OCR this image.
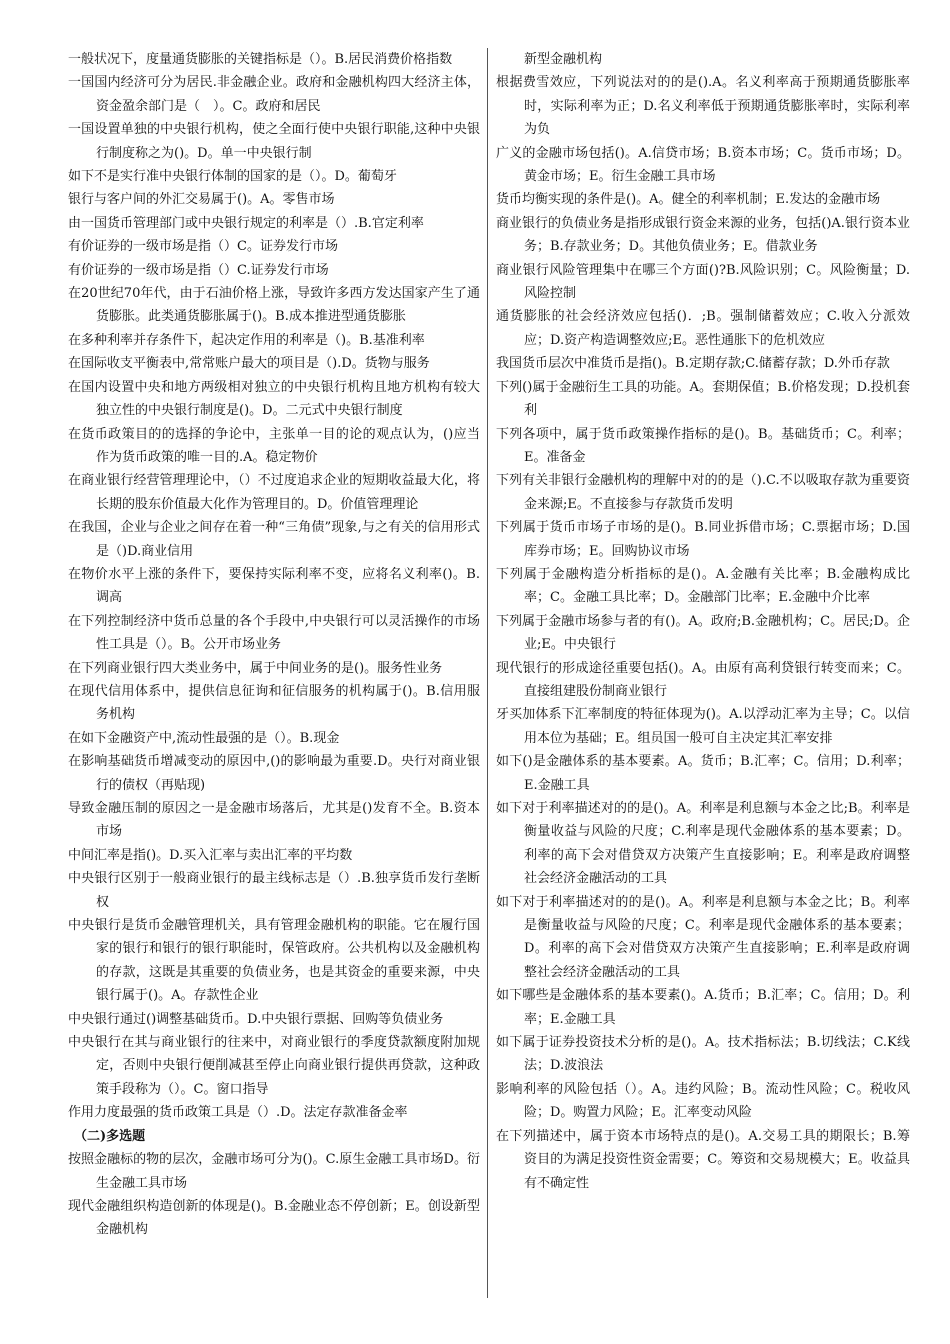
一般状况下，度量通货膨胀的关键指标是（）。B.居民消费价格指数

一国国内经济可分为居民.非金融企业。政府和金融机构四大经济主体，资金盈余部门是（　）。C。政府和居民

一国设置单独的中央银行机构，使之全面行使中央银行职能,这种中央银行制度称之为()。D。单一中央银行制

如下不是实行准中央银行体制的国家的是（）。D。葡萄牙

银行与客户间的外汇交易属于()。A。零售市场

由一国货币管理部门或中央银行规定的利率是（）.B.官定利率

有价证券的一级市场是指（）C。证券发行市场

有价证券的一级市场是指（）C.证券发行市场

在20世纪70年代，由于石油价格上涨，导致许多西方发达国家产生了通货膨胀。此类通货膨胀属于()。B.成本推进型通货膨胀

在多种利率并存条件下，起决定作用的利率是（)。B.基准利率

在国际收支平衡表中,常常账户最大的项目是（).D。货物与服务

在国内设置中央和地方两级相对独立的中央银行机构且地方机构有较大独立性的中央银行制度是()。D。二元式中央银行制度

在货币政策目的的选择的争论中，主张单一目的论的观点认为，()应当作为货币政策的唯一目的.A。稳定物价

在商业银行经营管理理论中，（）不过度追求企业的短期收益最大化，将长期的股东价值最大化作为管理目的。D。价值管理理论

在我国，企业与企业之间存在着一种“三角债”现象,与之有关的信用形式是（)D.商业信用

在物价水平上涨的条件下，要保持实际利率不变，应将名义利率()。B.调高

在下列控制经济中货币总量的各个手段中,中央银行可以灵活操作的市场性工具是（）。B。公开市场业务

在下列商业银行四大类业务中，属于中间业务的是()。服务性业务

在现代信用体系中，提供信息征询和征信服务的机构属于()。B.信用服务机构

在如下金融资产中,流动性最强的是（）。B.现金

在影响基础货币增减变动的原因中,()的影响最为重要.D。央行对商业银行的债权（再贴现)

导致金融压制的原因之一是金融市场落后，尤其是()发育不全。B.资本市场

中间汇率是指()。D.买入汇率与卖出汇率的平均数

中央银行区别于一般商业银行的最主线标志是（）.B.独享货币发行垄断权

中央银行是货币金融管理机关，具有管理金融机构的职能。它在履行国家的银行和银行的银行职能时，保管政府。公共机构以及金融机构的存款，这既是其重要的负债业务，也是其资金的重要来源，中央银行属于()。A。存款性企业

中央银行通过()调整基础货币。D.中央银行票据、回购等负债业务

中央银行在其与商业银行的往来中，对商业银行的季度贷款额度附加规定，否则中央银行便削减甚至停止向商业银行提供再贷款，这种政策手段称为（）。C。窗口指导

作用力度最强的货币政策工具是（）.D。法定存款准备金率

（二)多选题

按照金融标的物的层次，金融市场可分为()。C.原生金融工具市场D。衍生金融工具市场

现代金融组织构造创新的体现是()。B.金融业态不停创新；E。创设新型金融机构

新型金融机构

根据费雪效应，下列说法对的的是().A。名义利率高于预期通货膨胀率时，实际利率为正；D.名义利率低于预期通货膨胀率时，实际利率为负

广义的金融市场包括()。A.信贷市场；B.资本市场；C。货币市场；D。黄金市场；E。衍生金融工具市场

货币均衡实现的条件是()。A。健全的利率机制；E.发达的金融市场

商业银行的负债业务是指形成银行资金来源的业务，包括()A.银行资本业务；B.存款业务；D。其他负债业务；E。借款业务

商业银行风险管理集中在哪三个方面()?B.风险识别；C。风险衡量；D.风险控制

通货膨胀的社会经济效应包括()．;B。强制储蓄效应；C.收入分派效应；D.资产构造调整效应;E。恶性通胀下的危机效应

我国货币层次中准货币是指()。B.定期存款;C.储蓄存款；D.外币存款

下列()属于金融衍生工具的功能。A。套期保值；B.价格发现；D.投机套利

下列各项中，属于货币政策操作指标的是()。B。基础货币；C。利率；E。准备金

下列有关非银行金融机构的理解中对的的是（).C.不以吸取存款为重要资金来源;E。不直接参与存款货币发明

下列属于货币市场子市场的是()。B.同业拆借市场；C.票据市场；D.国库券市场；E。回购协议市场

下列属于金融构造分析指标的是()。A.金融有关比率；B.金融构成比率；C。金融工具比率；D。金融部门比率；E.金融中介比率

下列属于金融市场参与者的有()。A。政府;B.金融机构；C。居民;D。企业;E。中央银行

现代银行的形成途径重要包括()。A。由原有高利贷银行转变而来；C。直接组建股份制商业银行

牙买加体系下汇率制度的特征体现为()。A.以浮动汇率为主导；C。以信用本位为基础；E。组员国一般可自主决定其汇率安排

如下()是金融体系的基本要素。A。货币；B.汇率；C。信用；D.利率；E.金融工具

如下对于利率描述对的的是()。A。利率是利息额与本金之比;B。利率是衡量收益与风险的尺度；C.利率是现代金融体系的基本要素；D。利率的高下会对借贷双方决策产生直接影响；E。利率是政府调整社会经济金融活动的工具

如下对于利率描述对的的是()。A。利率是利息额与本金之比；B。利率是衡量收益与风险的尺度；C。利率是现代金融体系的基本要素；D。利率的高下会对借贷双方决策产生直接影响；E.利率是政府调整社会经济金融活动的工具

如下哪些是金融体系的基本要素()。A.货币；B.汇率；C。信用；D。利率；E.金融工具

如下属于证券投资技术分析的是()。A。技术指标法；B.切线法；C.K线法；D.波浪法

影响利率的风险包括（）。A。违约风险；B。流动性风险；C。税收风险；D。购置力风险；E。汇率变动风险

在下列描述中，属于资本市场特点的是()。A.交易工具的期限长；B.筹资目的为满足投资性资金需要；C。筹资和交易规模大；E。收益具有不确定性
